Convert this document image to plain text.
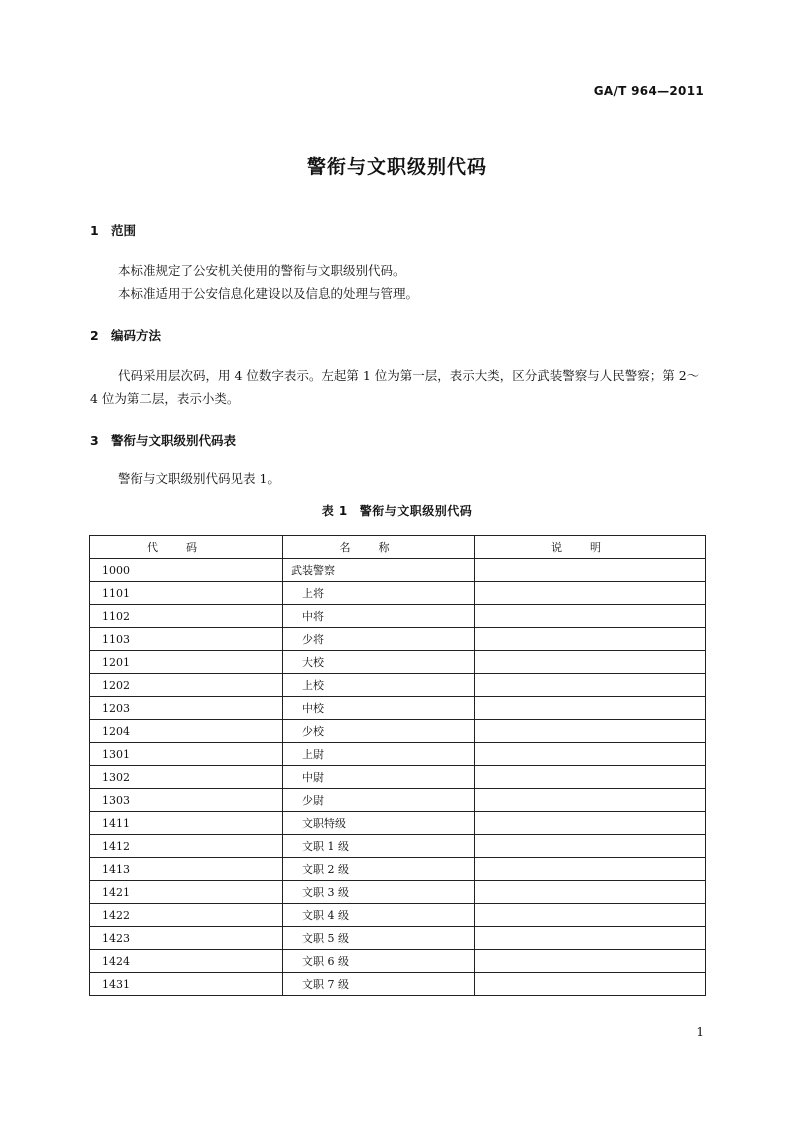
GA/T 964—2011
警衔与文职级别代码
1 范围
本标准规定了公安机关使用的警衔与文职级别代码。
本标准适用于公安信息化建设以及信息的处理与管理。
2 编码方法
代码采用层次码，用 4 位数字表示。左起第 1 位为第一层，表示大类，区分武装警察与人民警察；第 2～4 位为第二层，表示小类。
3 警衔与文职级别代码表
警衔与文职级别代码见表 1。
表 1 警衔与文职级别代码
代码	名称	说明
1000	武装警察	
1101	上将	
1102	中将	
1103	少将	
1201	大校	
1202	上校	
1203	中校	
1204	少校	
1301	上尉	
1302	中尉	
1303	少尉	
1411	文职特级	
1412	文职 1 级	
1413	文职 2 级	
1421	文职 3 级	
1422	文职 4 级	
1423	文职 5 级	
1424	文职 6 级	
1431	文职 7 级	
1
